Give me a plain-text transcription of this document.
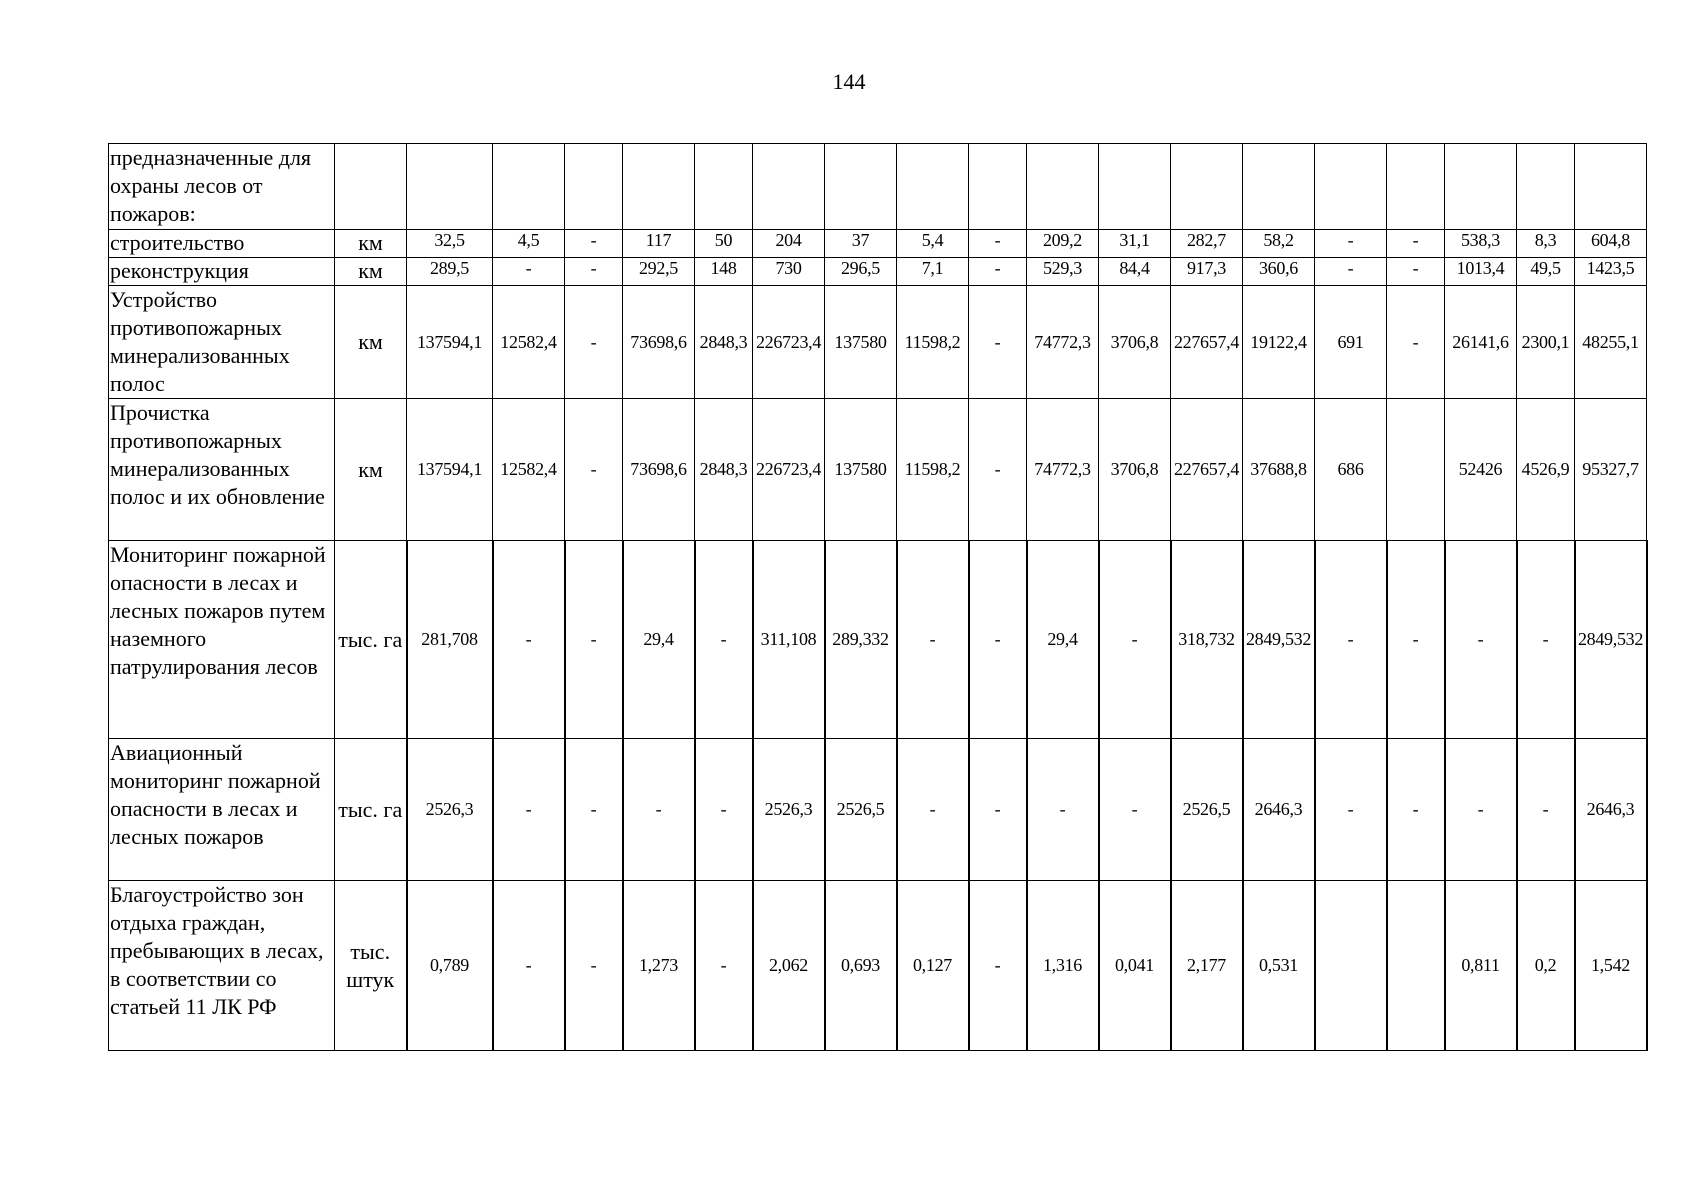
144
предназначенные для охраны лесов от пожаров:																			
строительство	км	32,5	4,5	-	117	50	204	37	5,4	-	209,2	31,1	282,7	58,2	-	-	538,3	8,3	604,8
реконструкция	км	289,5	-	-	292,5	148	730	296,5	7,1	-	529,3	84,4	917,3	360,6	-	-	1013,4	49,5	1423,5
Устройство противопожарных минерализованных полос	км	137594,1	12582,4	-	73698,6	2848,3	226723,4	137580	11598,2	-	74772,3	3706,8	227657,4	19122,4	691	-	26141,6	2300,1	48255,1
Прочистка противопожарных минерализованных полос и их обновление	км	137594,1	12582,4	-	73698,6	2848,3	226723,4	137580	11598,2	-	74772,3	3706,8	227657,4	37688,8	686		52426	4526,9	95327,7
Мониторинг пожарной опасности в лесах и лесных пожаров путем наземного патрулирования лесов	тыс. га	281,708	-	-	29,4	-	311,108	289,332	-	-	29,4	-	318,732	2849,532	-	-	-	-	2849,532
Авиационный мониторинг пожарной опасности в лесах и лесных пожаров	тыс. га	2526,3	-	-	-	-	2526,3	2526,5	-	-	-	-	2526,5	2646,3	-	-	-	-	2646,3
Благоустройство зон отдыха граждан, пребывающих в лесах, в соответствии со статьей 11 ЛК РФ	тыс. штук	0,789	-	-	1,273	-	2,062	0,693	0,127	-	1,316	0,041	2,177	0,531			0,811	0,2	1,542
